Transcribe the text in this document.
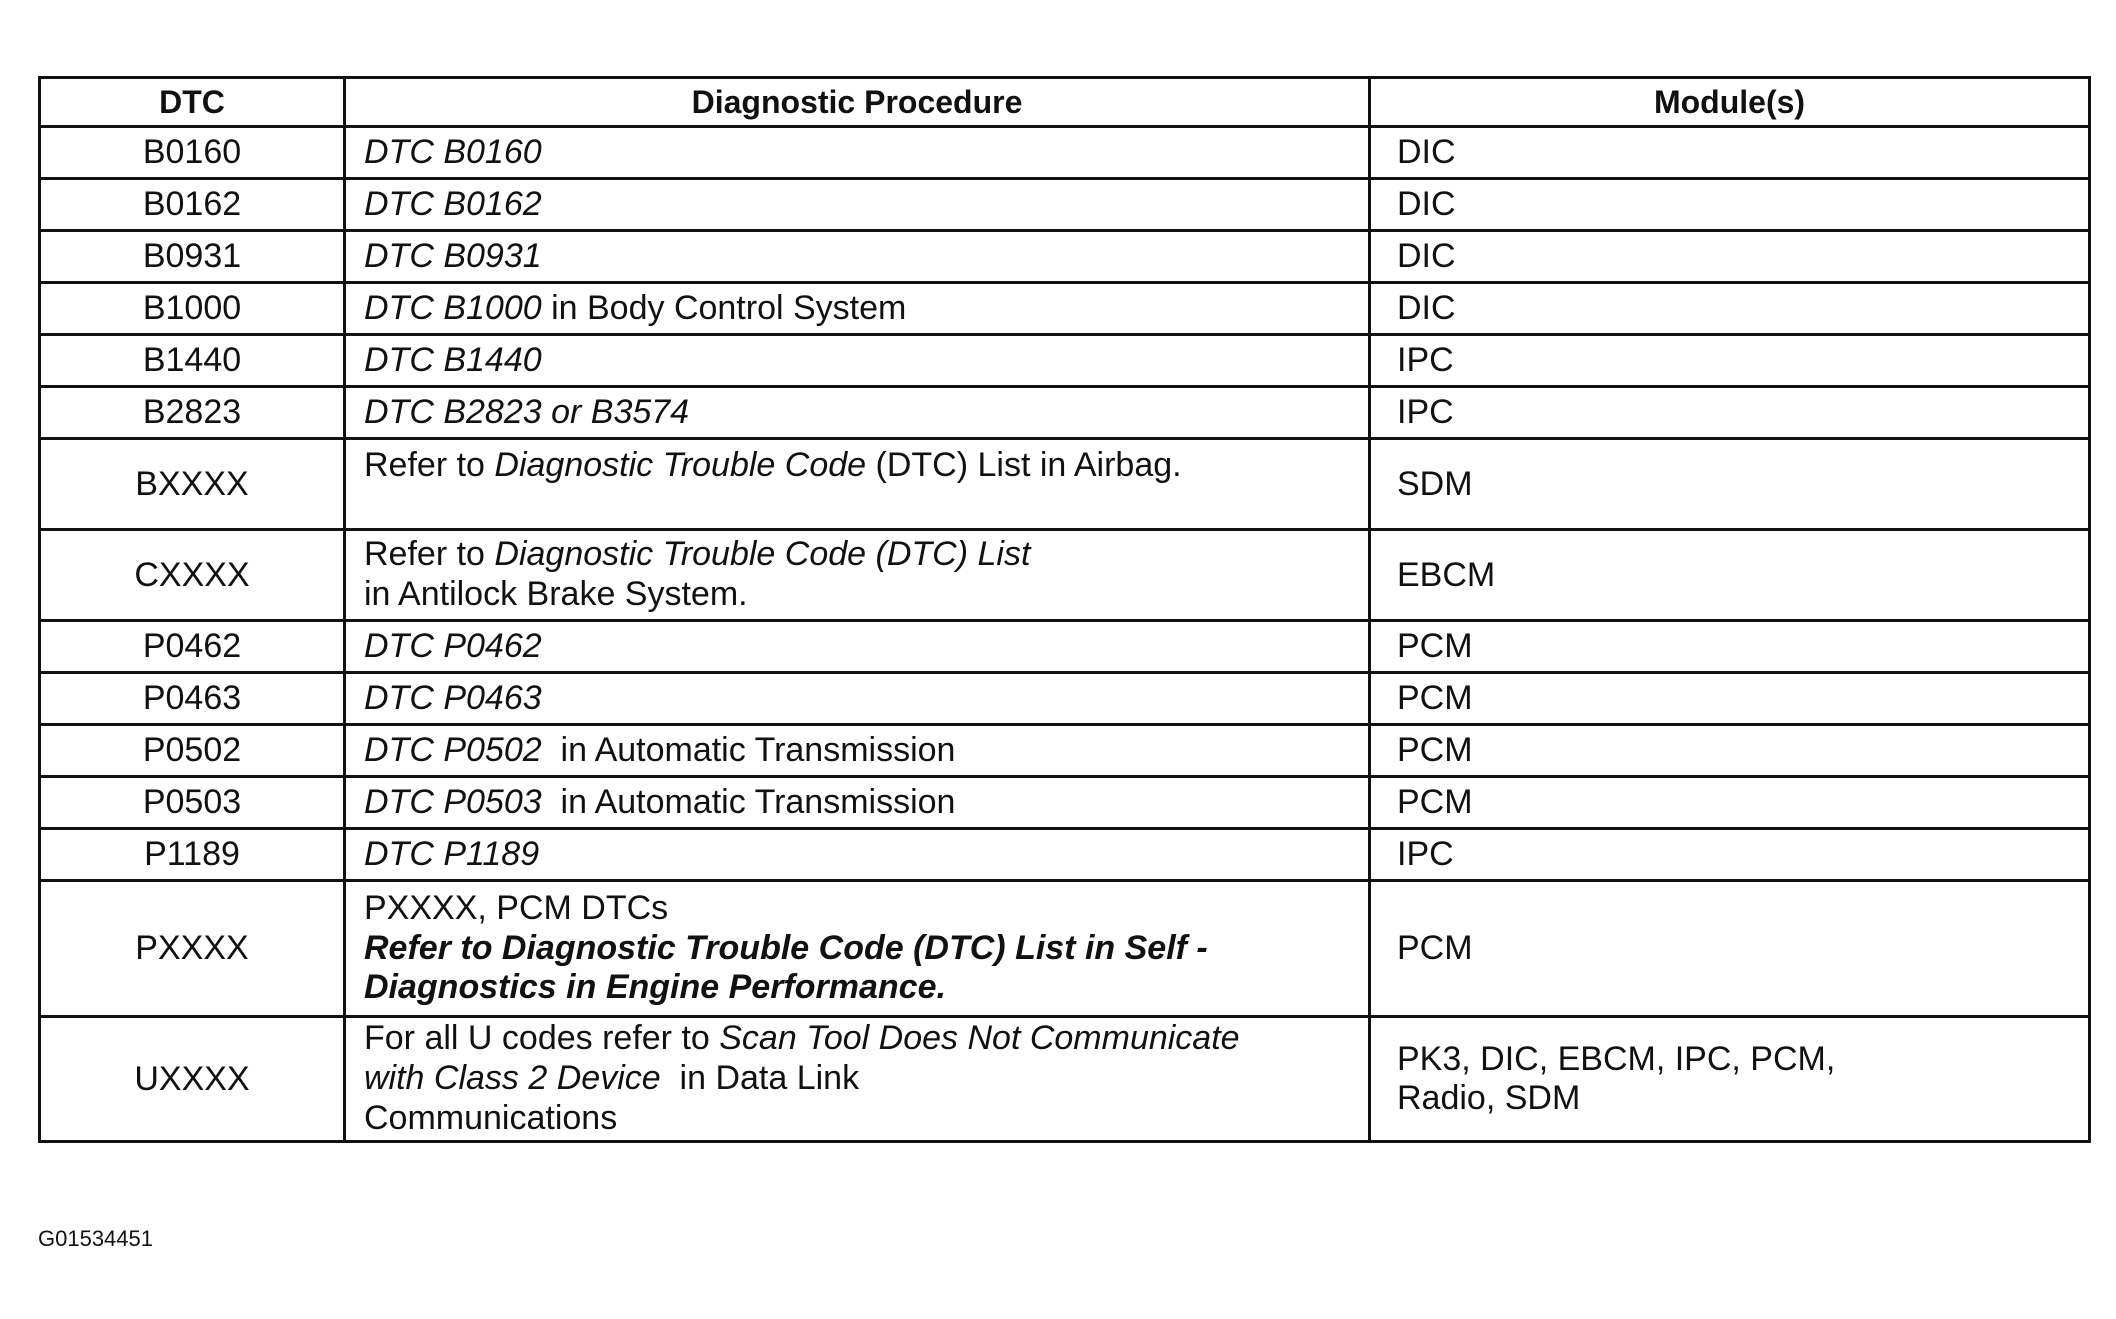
DTC	Diagnostic Procedure	Module(s)
B0160	DTC B0160	DIC

B0162	DTC B0162	DIC

B0931	DTC B0931	DIC

B1000	DTC B1000 in Body Control System	DIC

B1440	DTC B1440	IPC

B2823	DTC B2823 or B3574	IPC

BXXXX	Refer to Diagnostic Trouble Code (DTC) List in Airbag.	SDM

CXXXX	Refer to Diagnostic Trouble Code (DTC) List
in Antilock Brake System.	EBCM

P0462	DTC P0462	PCM

P0463	DTC P0463	PCM

P0502	DTC P0502  in Automatic Transmission	PCM

P0503	DTC P0503  in Automatic Transmission	PCM

P1189	DTC P1189	IPC

PXXXX	PXXXX, PCM DTCs
Refer to Diagnostic Trouble Code (DTC) List in Self -
Diagnostics in Engine Performance.	PCM

UXXXX	For all U codes refer to Scan Tool Does Not Communicate
with Class 2 Device  in Data Link
Communications	PK3, DIC, EBCM, IPC, PCM,
Radio, SDM
G01534451
